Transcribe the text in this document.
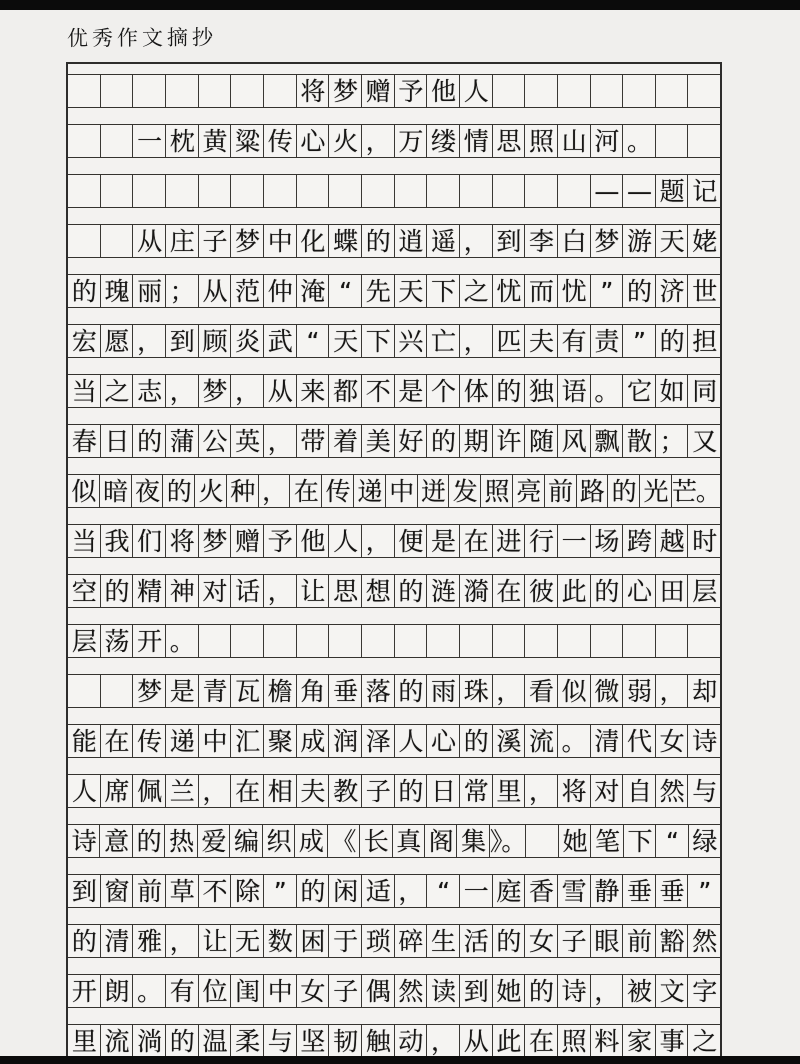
优秀作文摘抄
将 梦 赠 予 他 人
一 枕 黄 粱 传 心 火 ， 万 缕 情 思 照 山 河 。
— — 题 记
从 庄 子 梦 中 化 蝶 的 逍 遥 ， 到 李 白 梦 游 天 姥
的 瑰 丽 ； 从 范 仲 淹 “ 先 天 下 之 忧 而 忧 ” 的 济 世
宏 愿 ， 到 顾 炎 武 “ 天 下 兴 亡 ， 匹 夫 有 责 ” 的 担
当 之 志 ， 梦 ， 从 来 都 不 是 个 体 的 独 语 。 它 如 同
春 日 的 蒲 公 英 ， 带 着 美 好 的 期 许 随 风 飘 散 ； 又
似 暗 夜 的 火 种 ， 在 传 递 中 迸 发 照 亮 前 路 的 光 芒。
当 我 们 将 梦 赠 予 他 人 ， 便 是 在 进 行 一 场 跨 越 时
空 的 精 神 对 话 ， 让 思 想 的 涟 漪 在 彼 此 的 心 田 层
层 荡 开 。
梦 是 青 瓦 檐 角 垂 落 的 雨 珠 ， 看 似 微 弱 ， 却
能 在 传 递 中 汇 聚 成 润 泽 人 心 的 溪 流 。 清 代 女 诗
人 席 佩 兰 ， 在 相 夫 教 子 的 日 常 里 ， 将 对 自 然 与
诗 意 的 热 爱 编 织 成 《 长 真 阁 集 》。 她 笔 下 “ 绿
到 窗 前 草 不 除 ” 的 闲 适 ， “ 一 庭 香 雪 静 垂 垂 ”
的 清 雅 ， 让 无 数 困 于 琐 碎 生 活 的 女 子 眼 前 豁 然
开 朗 。 有 位 闺 中 女 子 偶 然 读 到 她 的 诗 ， 被 文 字
里 流 淌 的 温 柔 与 坚 韧 触 动 ， 从 此 在 照 料 家 事 之
